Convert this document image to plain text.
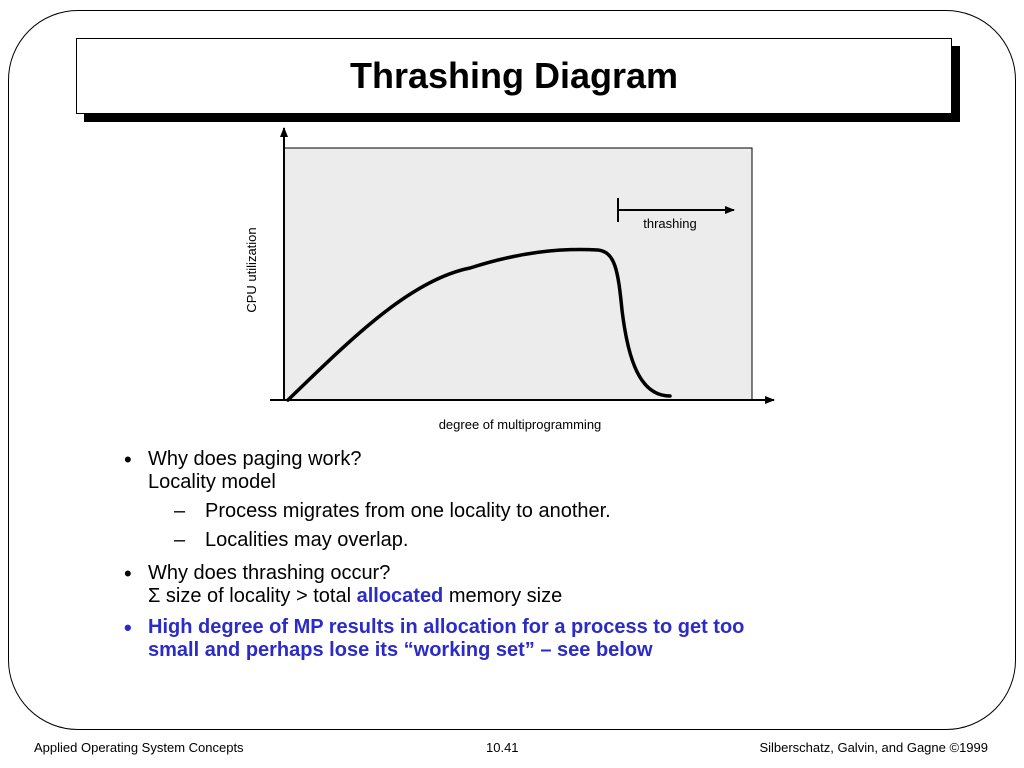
Thrashing Diagram
thrashing
CPU utilization
degree of multiprogramming
• Why does paging work?
Locality model
– Process migrates from one locality to another.
– Localities may overlap.
• Why does thrashing occur?
Σ size of locality > total allocated memory size
• High degree of MP results in allocation for a process to get too
small and perhaps lose its “working set” – see below
Applied Operating System Concepts	10.41	Silberschatz, Galvin, and Gagne ©1999
